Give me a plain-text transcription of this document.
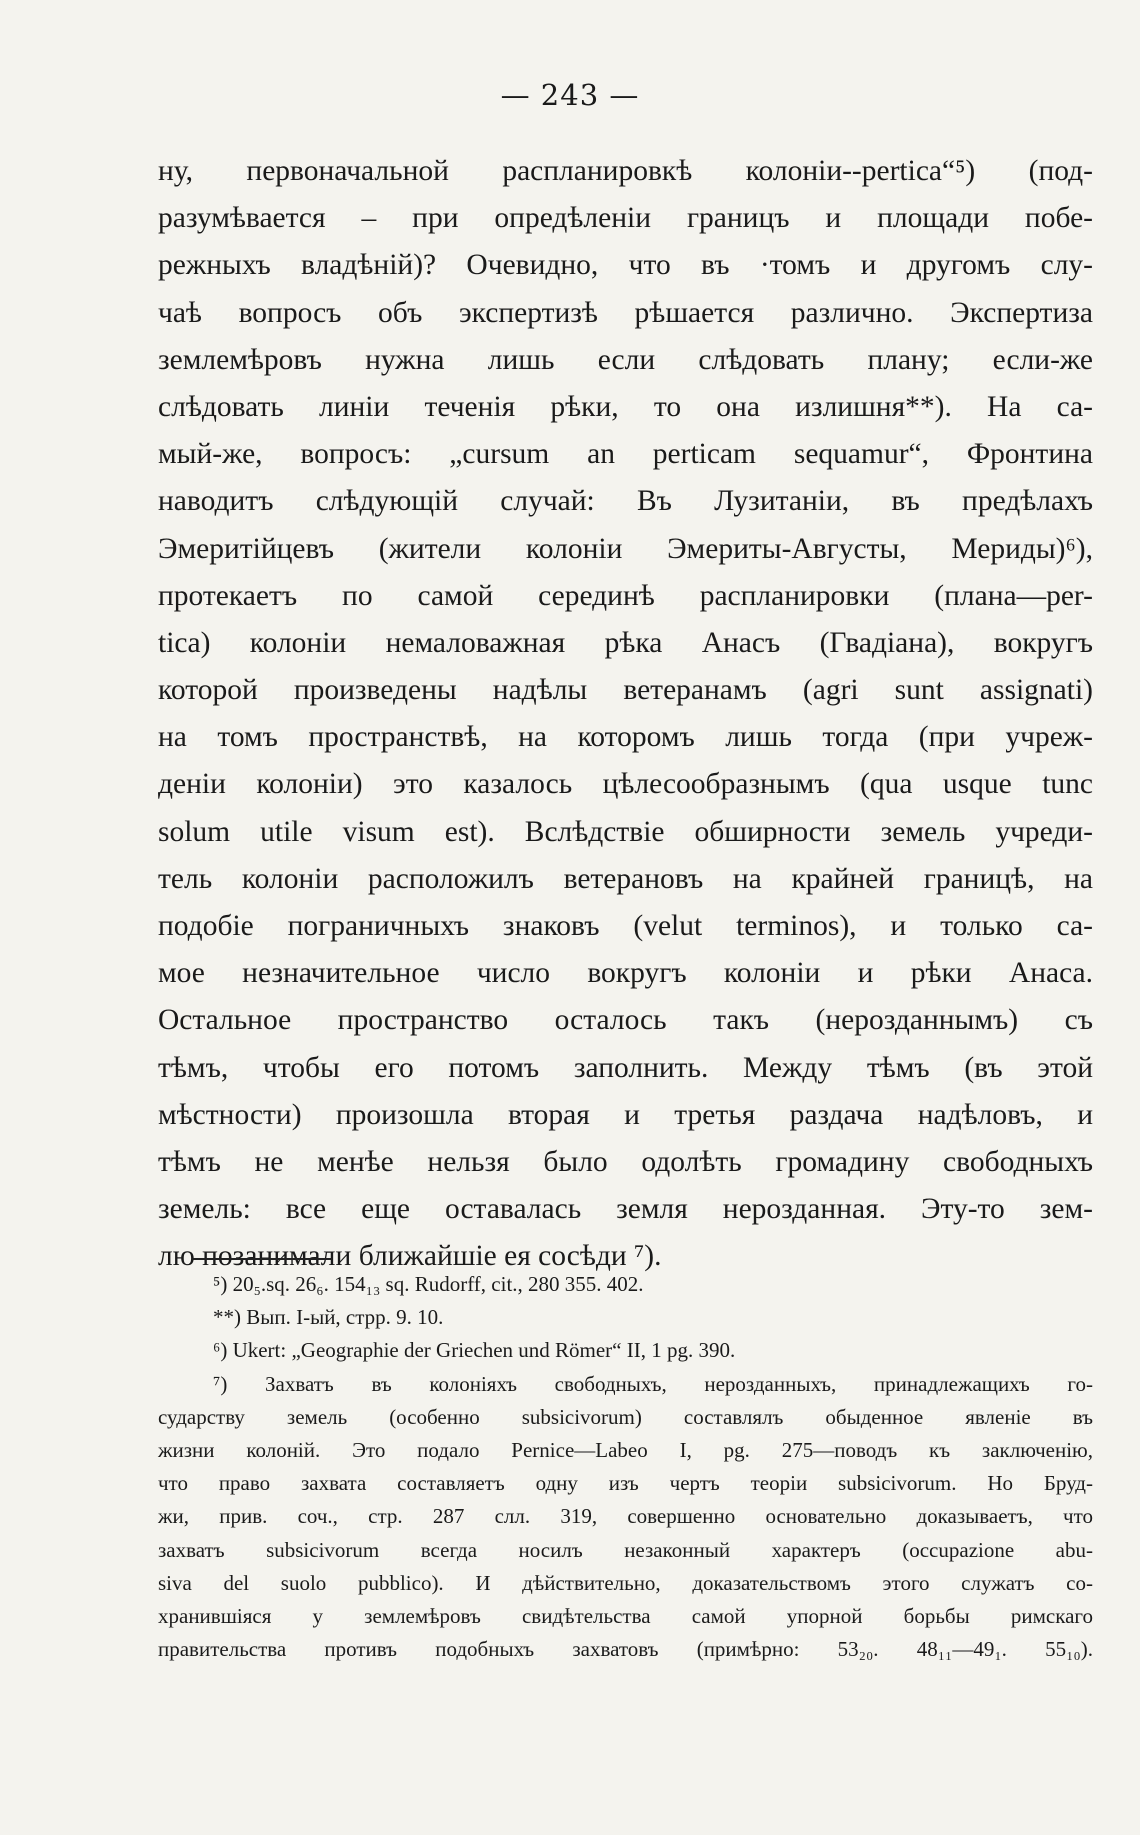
— 243 —
ну, первоначальной распланировкѣ колоніи--pertica“⁵) (под-
разумѣвается – при опредѣленіи границъ и площади побе-
режныхъ владѣній)? Очевидно, что въ ·томъ и другомъ слу-
чаѣ вопросъ объ экспертизѣ рѣшается различно. Экспертиза
землемѣровъ нужна лишь если слѣдовать плану; если-же
слѣдовать линіи теченія рѣки, то она излишня**). На са-
мый-же, вопросъ: „cursum an perticam sequamur“, Фронтина
наводитъ слѣдующій случай: Въ Лузитаніи, въ предѣлахъ
Эмеритійцевъ (жители колоніи Эмериты-Августы, Мериды)⁶),
протекаетъ по самой серединѣ распланировки (плана—per-
tica) колоніи немаловажная рѣка Анасъ (Гвадіана), вокругъ
которой произведены надѣлы ветеранамъ (agri sunt assignati)
на томъ пространствѣ, на которомъ лишь тогда (при учреж-
деніи колоніи) это казалось цѣлесообразнымъ (qua usque tunc
solum utile visum est). Вслѣдствіе обширности земель учреди-
тель колоніи расположилъ ветерановъ на крайней границѣ, на
подобіе пограничныхъ знаковъ (velut terminos), и только са-
мое незначительное число вокругъ колоніи и рѣки Анаса.
Остальное пространство осталось такъ (нерозданнымъ) съ
тѣмъ, чтобы его потомъ заполнить. Между тѣмъ (въ этой
мѣстности) произошла вторая и третья раздача надѣловъ, и
тѣмъ не менѣе нельзя было одолѣть громадину свободныхъ
земель: все еще оставалась земля нерозданная. Эту-то зем-
лю позанимали ближайшіе ея сосѣди ⁷).
⁵) 20₅.sq. 26₆. 154₁₃ sq. Rudorff, cit., 280 355. 402.
**) Вып. I-ый, стрр. 9. 10.
⁶) Ukert: „Geographie der Griechen und Römer“ II, 1 pg. 390.
⁷) Захватъ въ колоніяхъ свободныхъ, нерозданныхъ, принадлежащихъ го-
сударству земель (особенно subsicivorum) составлялъ обыденное явленіе въ
жизни колоній. Это подало Pernice—Labeo I, pg. 275—поводъ къ заключенію,
что право захвата составляетъ одну изъ чертъ теоріи subsicivorum. Но Бруд-
жи, прив. соч., стр. 287 слл. 319, совершенно основательно доказываетъ, что
захватъ subsicivorum всегда носилъ незаконный характеръ (occupazione abu-
siva del suolo pubblico). И дѣйствительно, доказательствомъ этого служатъ со-
хранившіяся у землемѣровъ свидѣтельства самой упорной борьбы римскаго
правительства противъ подобныхъ захватовъ (примѣрно: 53₂₀. 48₁₁—49₁. 55₁₀).
